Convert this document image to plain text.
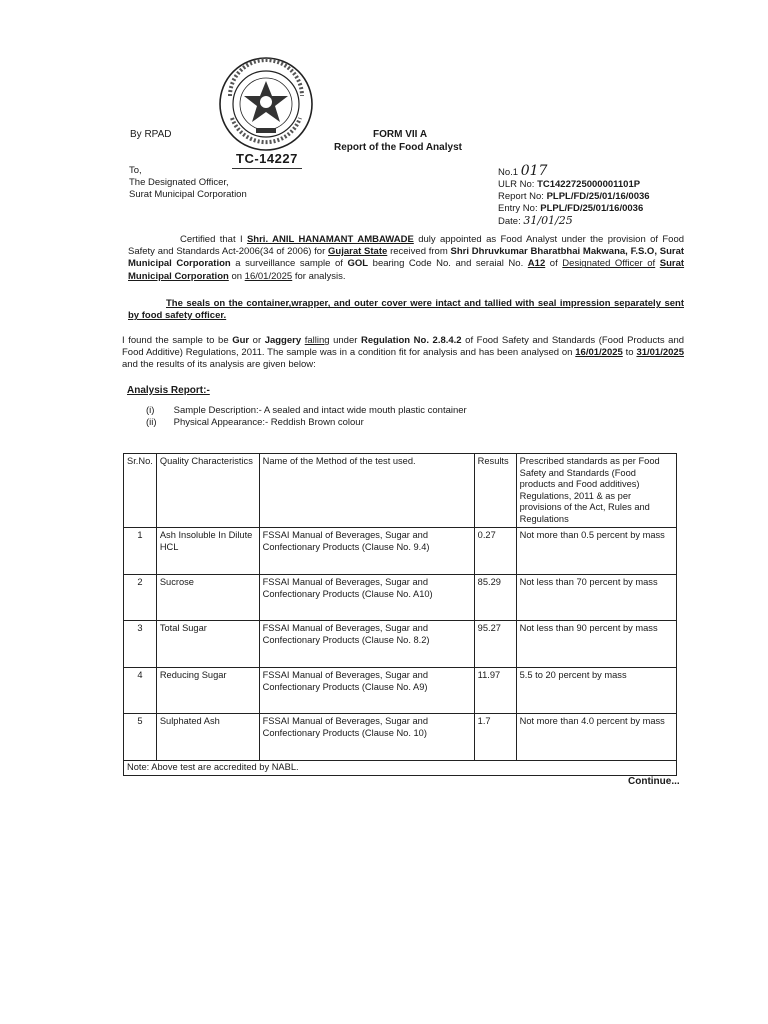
TC-14227
By RPAD	FORM VII A
Report of the Food Analyst
To,
The Designated Officer,
Surat Municipal Corporation
No.1 017
ULR No: TC1422725000001101P
Report No: PLPL/FD/25/01/16/0036
Entry No: PLPL/FD/25/01/16/0036
Date: 31/01/25
Certified that I Shri. ANIL HANAMANT AMBAWADE duly appointed as Food Analyst under the provision of Food Safety and Standards Act-2006(34 of 2006) for Gujarat State received from Shri Dhruvkumar Bharatbhai Makwana, F.S.O, Surat Municipal Corporation a surveillance sample of GOL bearing Code No. and seraial No. A12 of Designated Officer of Surat Municipal Corporation on 16/01/2025 for analysis.
The seals on the container,wrapper, and outer cover were intact and tallied with seal impression separately sent by food safety officer.
I found the sample to be Gur or Jaggery falling under Regulation No. 2.8.4.2 of Food Safety and Standards (Food Products and Food Additive) Regulations, 2011. The sample was in a condition fit for analysis and has been analysed on 16/01/2025 to 31/01/2025 and the results of its analysis are given below:
Analysis Report:-
(i) Sample Description:- A sealed and intact wide mouth plastic container
(ii) Physical Appearance:- Reddish Brown colour
Sr.No.	Quality Characteristics	Name of the Method of the test used.	Results	Prescribed standards as per Food Safety and Standards (Food products and Food additives) Regulations, 2011 & as per provisions of the Act, Rules and Regulations
1	Ash Insoluble In Dilute HCL	FSSAI Manual of Beverages, Sugar and Confectionary Products (Clause No. 9.4)	0.27	Not more than 0.5 percent by mass
2	Sucrose	FSSAI Manual of Beverages, Sugar and Confectionary Products (Clause No. A10)	85.29	Not less than 70 percent by mass
3	Total Sugar	FSSAI Manual of Beverages, Sugar and Confectionary Products (Clause No. 8.2)	95.27	Not less than 90 percent by mass
4	Reducing Sugar	FSSAI Manual of Beverages, Sugar and Confectionary Products (Clause No. A9)	11.97	5.5 to 20 percent by mass
5	Sulphated Ash	FSSAI Manual of Beverages, Sugar and Confectionary Products (Clause No. 10)	1.7	Not more than 4.0 percent by mass
Note: Above test are accredited by NABL.				
Continue...
